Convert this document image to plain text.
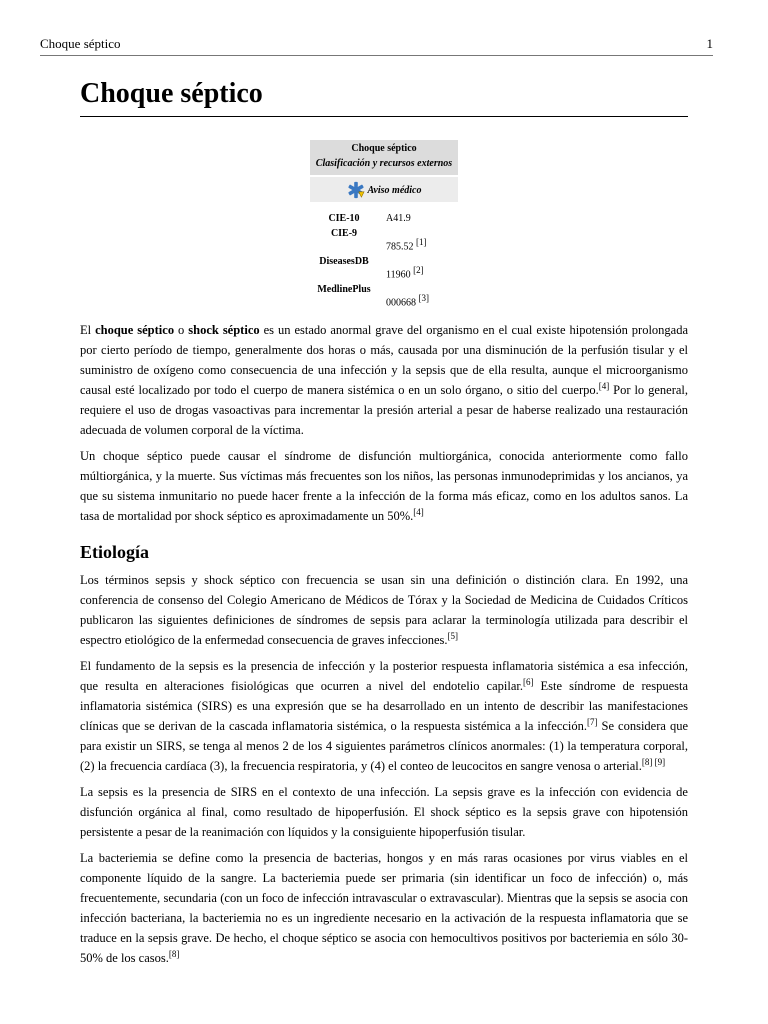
Choque séptico	1
Choque séptico
Choque séptico
Clasificación y recursos externos
Aviso médico
CIE-10	A41.9
CIE-9
785.52 [1]
DiseasesDB
11960 [2]
MedlinePlus
000668 [3]

El choque séptico o shock séptico es un estado anormal grave del organismo en el cual existe hipotensión prolongada por cierto período de tiempo, generalmente dos horas o más, causada por una disminución de la perfusión tisular y el suministro de oxígeno como consecuencia de una infección y la sepsis que de ella resulta, aunque el microorganismo causal esté localizado por todo el cuerpo de manera sistémica o en un solo órgano, o sitio del cuerpo.[4] Por lo general, requiere el uso de drogas vasoactivas para incrementar la presión arterial a pesar de haberse realizado una restauración adecuada de volumen corporal de la víctima.

Un choque séptico puede causar el síndrome de disfunción multiorgánica, conocida anteriormente como fallo múltiorgánica, y la muerte. Sus víctimas más frecuentes son los niños, las personas inmunodeprimidas y los ancianos, ya que su sistema inmunitario no puede hacer frente a la infección de la forma más eficaz, como en los adultos sanos. La tasa de mortalidad por shock séptico es aproximadamente un 50%.[4]

Etiología

Los términos sepsis y shock séptico con frecuencia se usan sin una definición o distinción clara. En 1992, una conferencia de consenso del Colegio Americano de Médicos de Tórax y la Sociedad de Medicina de Cuidados Críticos publicaron las siguientes definiciones de síndromes de sepsis para aclarar la terminología utilizada para describir el espectro etiológico de la enfermedad consecuencia de graves infecciones.[5]

El fundamento de la sepsis es la presencia de infección y la posterior respuesta inflamatoria sistémica a esa infección, que resulta en alteraciones fisiológicas que ocurren a nivel del endotelio capilar.[6] Este síndrome de respuesta inflamatoria sistémica (SIRS) es una expresión que se ha desarrollado en un intento de describir las manifestaciones clínicas que se derivan de la cascada inflamatoria sistémica, o la respuesta sistémica a la infección.[7] Se considera que para existir un SIRS, se tenga al menos 2 de los 4 siguientes parámetros clínicos anormales: (1) la temperatura corporal, (2) la frecuencia cardíaca (3), la frecuencia respiratoria, y (4) el conteo de leucocitos en sangre venosa o arterial.[8] [9]

La sepsis es la presencia de SIRS en el contexto de una infección. La sepsis grave es la infección con evidencia de disfunción orgánica al final, como resultado de hipoperfusión. El shock séptico es la sepsis grave con hipotensión persistente a pesar de la reanimación con líquidos y la consiguiente hipoperfusión tisular.

La bacteriemia se define como la presencia de bacterias, hongos y en más raras ocasiones por virus viables en el componente líquido de la sangre. La bacteriemia puede ser primaria (sin identificar un foco de infección) o, más frecuentemente, secundaria (con un foco de infección intravascular o extravascular). Mientras que la sepsis se asocia con infección bacteriana, la bacteriemia no es un ingrediente necesario en la activación de la respuesta inflamatoria que se traduce en la sepsis grave. De hecho, el choque séptico se asocia con hemocultivos positivos por bacteriemia en sólo 30-50% de los casos.[8]
